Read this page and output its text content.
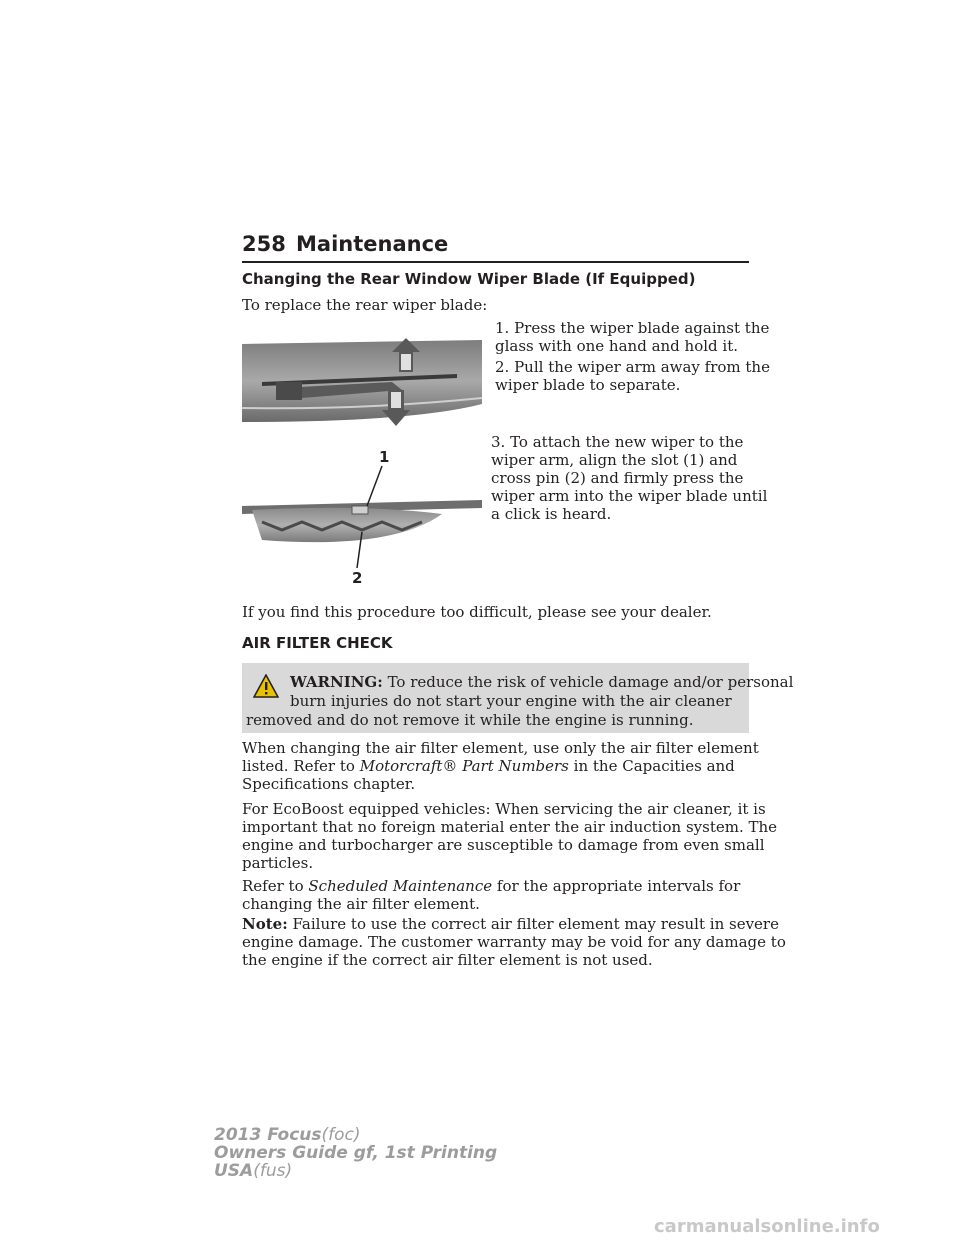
258 Maintenance
Changing the Rear Window Wiper Blade (If Equipped)

To replace the rear wiper blade:

1. Press the wiper blade against the

glass with one hand and hold it.

2. Pull the wiper arm away from the

wiper blade to separate.

3. To attach the new wiper to the

wiper arm, align the slot (1) and

cross pin (2) and firmly press the

wiper arm into the wiper blade until

a click is heard.

1
2

If you find this procedure too difficult, please see your dealer.

AIR FILTER CHECK

WARNING: To reduce the risk of vehicle damage and/or personal

burn injuries do not start your engine with the air cleaner

removed and do not remove it while the engine is running.

When changing the air filter element, use only the air filter element

listed. Refer to Motorcraft® Part Numbers in the Capacities and

Specifications chapter.

For EcoBoost equipped vehicles: When servicing the air cleaner, it is

important that no foreign material enter the air induction system. The

engine and turbocharger are susceptible to damage from even small

particles.

Refer to Scheduled Maintenance for the appropriate intervals for

changing the air filter element.

Note: Failure to use the correct air filter element may result in severe

engine damage. The customer warranty may be void for any damage to

the engine if the correct air filter element is not used.

2013 Focus(foc)
Owners Guide gf, 1st Printing
USA(fus)
carmanualsonline.info
